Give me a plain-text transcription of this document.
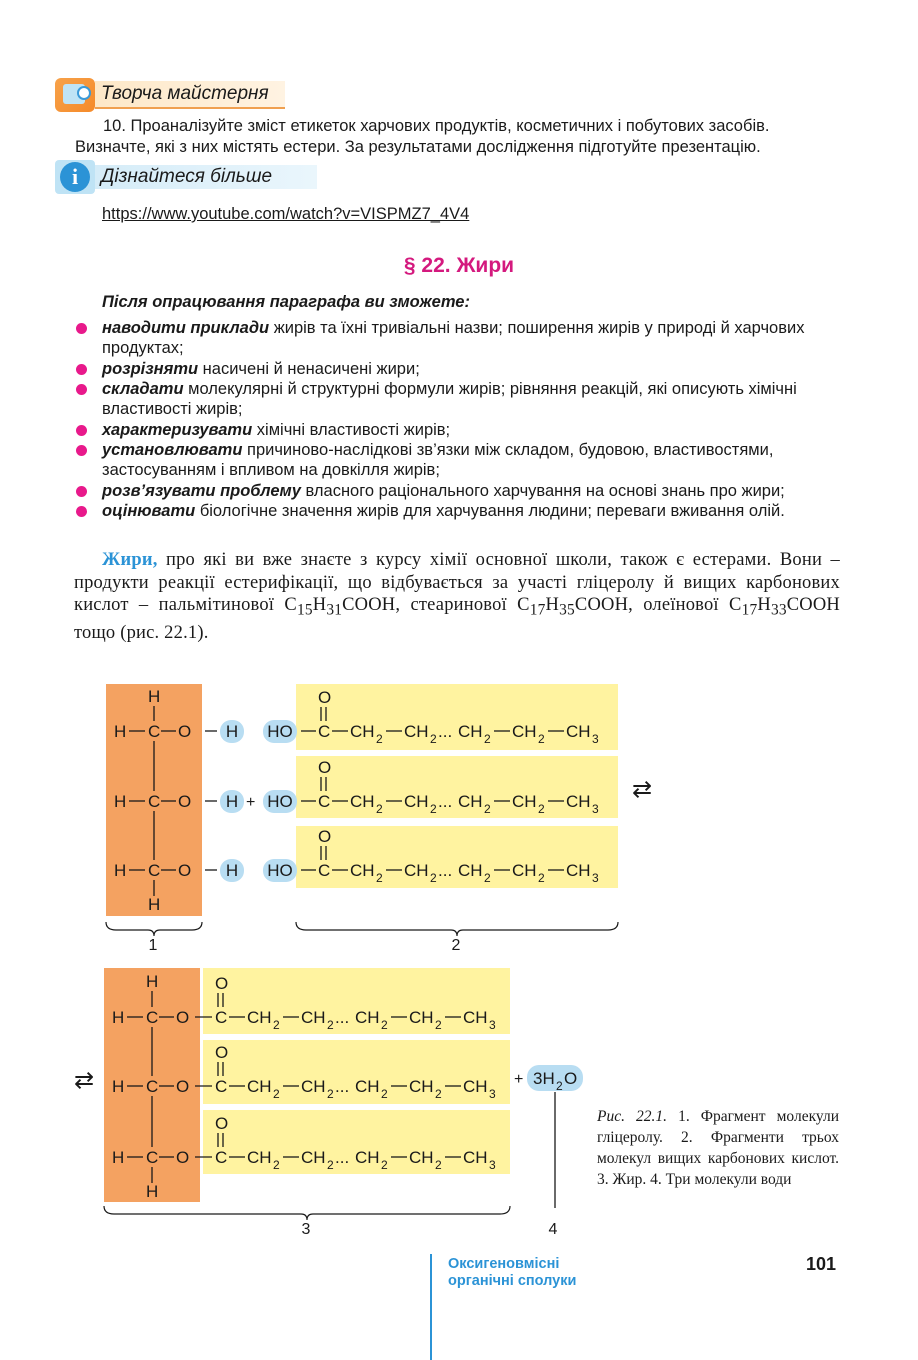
Творча майстерня
10. Проаналізуйте зміст етикеток харчових продуктів, косметичних і побутових засобів. Визначте, які з них містять естери. За результатами дослідження підготуйте презентацію.
i	Дізнайтеся більше
https://www.youtube.com/watch?v=VISPMZ7_4V4
§ 22. Жири
Після опрацювання параграфа ви зможете:
наводити приклади жирів та їхні тривіальні назви; поширення жирів у природі й харчових продуктах;
розрізняти насичені й ненасичені жири;
складати молекулярні й структурні формули жирів; рівняння реакцій, які описують хімічні властивості жирів;
характеризувати хімічні властивості жирів;
установлювати причиново-наслідкові зв’язки між складом, будовою, властивостями, застосуванням і впливом на довкілля жирів;
розв’язувати проблему власного раціонального харчування на основі знань про жири;
оцінювати біологічне значення жирів для харчування людини; переваги вживання олій.
Жири, про які ви вже знаєте з курсу хімії основної школи, також є естерами. Вони – продукти реакції естерифікації, що відбувається за участі гліцеролу й вищих карбонових кислот – пальмітинової $C_{15}H_{31}COOH$, стеаринової $C_{17}H_{35}COOH$, олеїнової $C_{17}H_{33}COOH$ тощо (рис. 22.1).
H
H C O
H C O
H C O
H
H HO C
O
CH 2 CH 2 ... CH 2 CH 2 CH 3
H HO C
O
CH 2 CH 2 ... CH 2 CH 2 CH 3
H HO C
O
CH 2 CH 2 ... CH 2 CH 2 CH 3
+	⇄
1	2
H
H C O
H C O
H C O
H
C
O
CH 2 CH 2 ... CH 2 CH 2 CH 3
C
O
CH 2 CH 2 ... CH 2 CH 2 CH 3
C
O
CH 2 CH 2 ... CH 2 CH 2 CH 3
⇄	+ 3H 2 O
3	4
Рис. 22.1. 1. Фрагмент молекули гліцеролу. 2. Фрагменти трьох молекул вищих карбонових кислот. 3. Жир. 4. Три молекули води
Оксигеновмісні
органічні сполуки
101
